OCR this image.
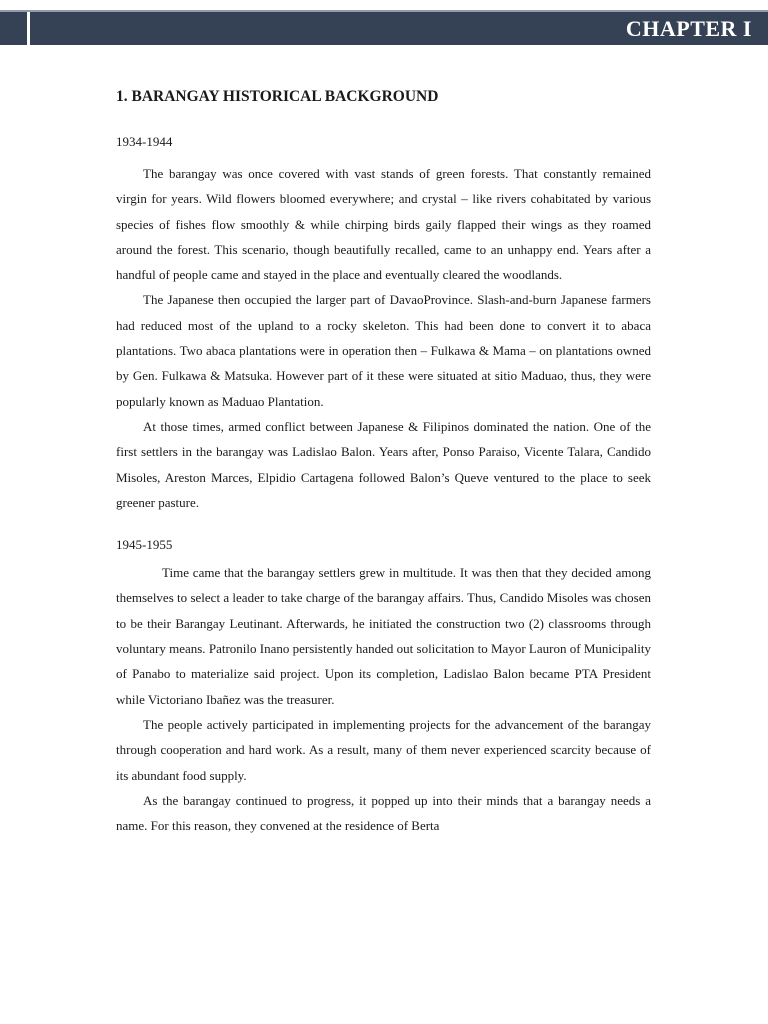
CHAPTER I
1. BARANGAY HISTORICAL BACKGROUND

1934-1944

The barangay was once covered with vast stands of green forests. That constantly remained virgin for years. Wild flowers bloomed everywhere; and crystal – like rivers cohabitated by various species of fishes flow smoothly & while chirping birds gaily flapped their wings as they roamed around the forest. This scenario, though beautifully recalled, came to an unhappy end. Years after a handful of people came and stayed in the place and eventually cleared the woodlands.

The Japanese then occupied the larger part of DavaoProvince. Slash-and-burn Japanese farmers had reduced most of the upland to a rocky skeleton. This had been done to convert it to abaca plantations. Two abaca plantations were in operation then – Fulkawa & Mama – on plantations owned by Gen. Fulkawa & Matsuka. However part of it these were situated at sitio Maduao, thus, they were popularly known as Maduao Plantation.

At those times, armed conflict between Japanese & Filipinos dominated the nation. One of the first settlers in the barangay was Ladislao Balon. Years after, Ponso Paraiso, Vicente Talara, Candido Misoles, Areston Marces, Elpidio Cartagena followed Balon’s Queve ventured to the place to seek greener pasture.

1945-1955

Time came that the barangay settlers grew in multitude. It was then that they decided among themselves to select a leader to take charge of the barangay affairs. Thus, Candido Misoles was chosen to be their Barangay Leutinant. Afterwards, he initiated the construction two (2) classrooms through voluntary means. Patronilo Inano persistently handed out solicitation to Mayor Lauron of Municipality of Panabo to materialize said project. Upon its completion, Ladislao Balon became PTA President while Victoriano Ibañez was the treasurer.

The people actively participated in implementing projects for the advancement of the barangay through cooperation and hard work. As a result, many of them never experienced scarcity because of its abundant food supply.

As the barangay continued to progress, it popped up into their minds that a barangay needs a name. For this reason, they convened at the residence of Berta
